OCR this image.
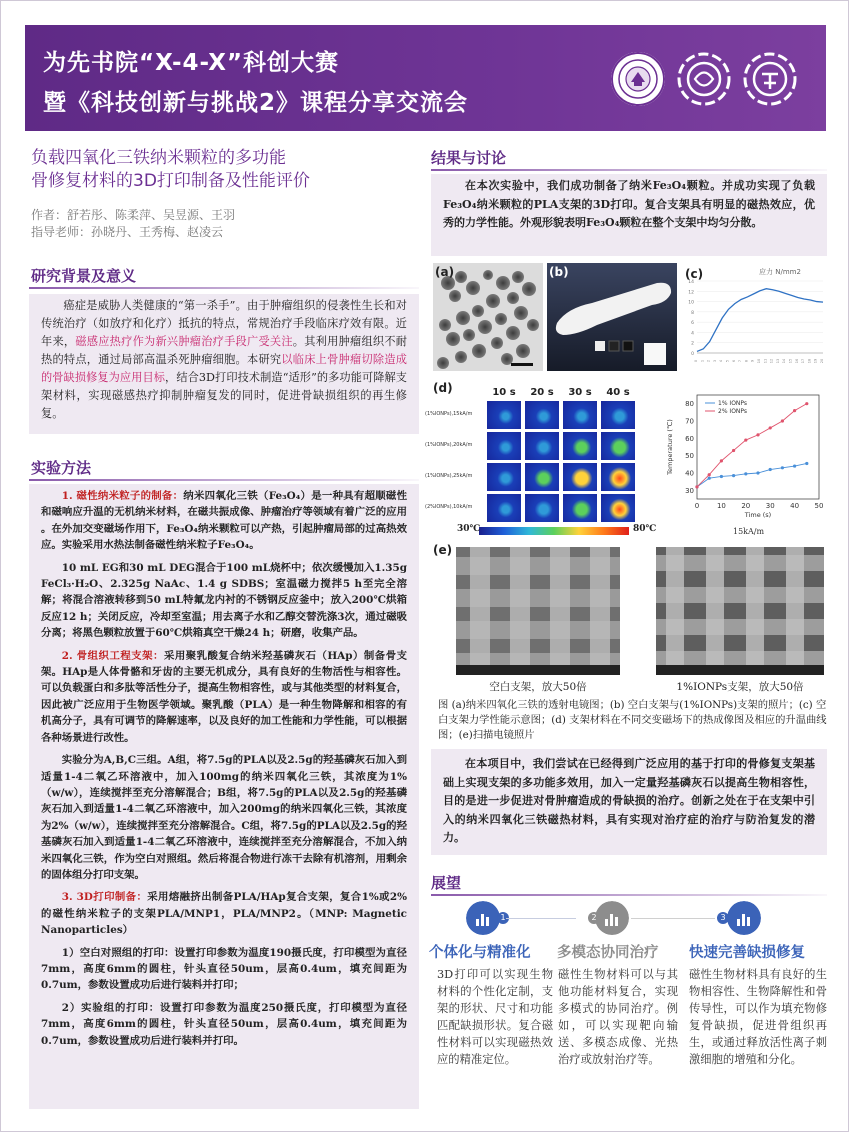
为先书院“X-4-X”科创大赛
暨《科技创新与挑战2》课程分享交流会
负载四氧化三铁纳米颗粒的多功能
骨修复材料的3D打印制备及性能评价
作者：舒若彤、陈柔萍、吴昱源、王羽
指导老师：孙晓丹、王秀梅、赵凌云
研究背景及意义

癌症是威胁人类健康的“第一杀手”。由于肿瘤组织的侵袭性生长和对传统治疗（如放疗和化疗）抵抗的特点，常规治疗手段临床疗效有限。近年来，磁感应热疗作为新兴肿瘤治疗手段广受关注。其利用肿瘤组织不耐热的特点，通过局部高温杀死肿瘤细胞。本研究以临床上骨肿瘤切除造成的骨缺损修复为应用目标，结合3D打印技术制造“适形”的多功能可降解支架材料，实现磁感热疗抑制肿瘤复发的同时，促进骨缺损组织的再生修复。

实验方法

1. 磁性纳米粒子的制备：纳米四氧化三铁（Fe₃O₄）是一种具有超顺磁性和磁响应升温的无机纳米材料，在磁共振成像、肿瘤治疗等领域有着广泛的应用 。在外加交变磁场作用下，Fe₃O₄纳米颗粒可以产热，引起肿瘤局部的过高热效应。实验采用水热法制备磁性纳米粒子Fe₃O₄。

10 mL EG和30 mL DEG混合于100 mL烧杯中；依次缓慢加入1.35g FeCl₃·H₂O、2.325g NaAc、1.4 g SDBS；室温磁力搅拌5 h至完全溶解；将混合溶液转移到50 mL特氟龙内衬的不锈钢反应釜中；放入200℃烘箱反应12 h；关闭反应，冷却至室温；用去离子水和乙醇交替洗涤3次，通过磁吸分离；将黑色颗粒放置于60℃烘箱真空干燥24 h；研磨，收集产品。

2. 骨组织工程支架：采用聚乳酸复合纳米羟基磷灰石（HAp）制备骨支架。HAp是人体骨骼和牙齿的主要无机成分，具有良好的生物活性与相容性。可以负载蛋白和多肽等活性分子，提高生物相容性，或与其他类型的材料复合，因此被广泛应用于生物医学领域。聚乳酸（PLA）是一种生物降解和相容的有机高分子，具有可调节的降解速率，以及良好的加工性能和力学性能，可以根据各种场景进行改性。

实验分为A,B,C三组。A组，将7.5g的PLA以及2.5g的羟基磷灰石加入到适量1-4二氧乙环溶液中，加入100mg的纳米四氧化三铁，其浓度为1%（w/w），连续搅拌至充分溶解混合；B组，将7.5g的PLA以及2.5g的羟基磷灰石加入到适量1-4二氧乙环溶液中，加入200mg的纳米四氧化三铁，其浓度为2%（w/w），连续搅拌至充分溶解混合。C组，将7.5g的PLA以及2.5g的羟基磷灰石加入到适量1-4二氧乙环溶液中，连续搅拌至充分溶解混合，不加入纳米四氧化三铁，作为空白对照组。然后将混合物进行冻干去除有机溶剂，用剩余的固体组分打印支架。

3. 3D打印制备：采用熔融挤出制备PLA/HAp复合支架，复合1%或2%的磁性纳米粒子的支架PLA/MNP1，PLA/MNP2。（MNP: Magnetic Nanoparticles）

1）空白对照组的打印：设置打印参数为温度190摄氏度，打印模型为直径7mm，高度6mm的圆柱，针头直径50um，层高0.4um，填充间距为0.7um，参数设置成功后进行装料并打印；

2）实验组的打印：设置打印参数为温度250摄氏度，打印模型为直径7mm，高度6mm的圆柱，针头直径50um，层高0.4um，填充间距为0.7um，参数设置成功后进行装料并打印。

结果与讨论

在本次实验中，我们成功制备了纳米Fe₃O₄颗粒。并成功实现了负载Fe₃O₄纳米颗粒的PLA支架的3D打印。复合支架具有明显的磁热效应，优秀的力学性能。外观形貌表明Fe₃O₄颗粒在整个支架中均匀分散。

(a)	(b)
0
2
4
6
8
10
12
14
0 1 2 3 4 5 6 7 8 9 10 11 12 13 14 15 16 17 18 19 20
(c)	应力 N/mm2
(d)	10 s	20 s	30 s	40 s
(1%IONPs),15kA/m
(1%IONPs),20kA/m
(1%IONPs),25kA/m
(2%IONPs),10kA/m
30℃	80℃
30
40
50
60
70
80
0	10 20 30 40 50
Temperature (℃)
Time (s)
1% IONPs
2% IONPs
15kA/m
(e)
空白支架，放大50倍	1%IONPs支架，放大50倍
图 (a)纳米四氧化三铁的透射电镜图；(b) 空白支架与(1%IONPs)支架的照片；(c) 空白支架力学性能示意图；(d) 支架材料在不同交变磁场下的热成像图及相应的升温曲线图；(e)扫描电镜照片

在本项目中，我们尝试在已经得到广泛应用的基于打印的骨修复支架基础上实现支架的多功能多效用，加入一定量羟基磷灰石以提高生物相容性，目的是进一步促进对骨肿瘤造成的骨缺损的治疗。创新之处在于在支架中引入的纳米四氧化三铁磁热材料，具有实现对治疗症的治疗与防治复发的潜力。

展望
1
个体化与精准化
3D打印可以实现生物材料的个性化定制，支架的形状、尺寸和功能匹配缺损形状。复合磁性材料可以实现磁热效应的精准定位。
2
多模态协同治疗
磁性生物材料可以与其他功能材料复合，实现多模式的协同治疗。例如，可以实现靶向输送、多模态成像、光热治疗或放射治疗等。
3
快速完善缺损修复
磁性生物材料具有良好的生物相容性、生物降解性和骨传导性，可以作为填充物修复骨缺损，促进骨组织再生，或通过释放活性离子刺激细胞的增殖和分化。
